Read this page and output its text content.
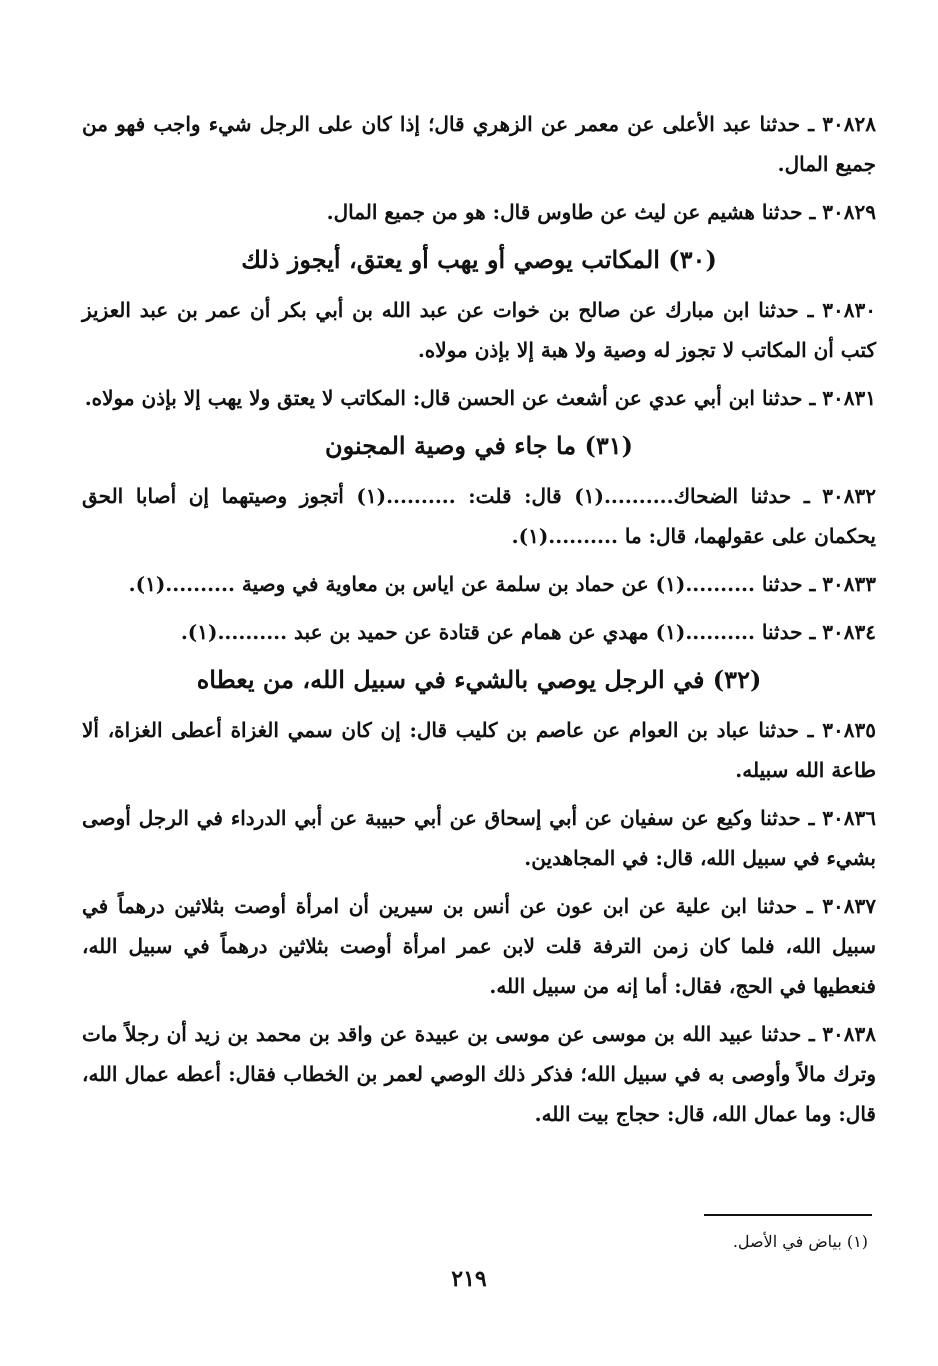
٣٠٨٢٨ ـ حدثنا عبد الأعلى عن معمر عن الزهري قال؛ إذا كان على الرجل شيء واجب فهو من جميع المال.
٣٠٨٢٩ ـ حدثنا هشيم عن ليث عن طاوس قال: هو من جميع المال.
(٣٠) المكاتب يوصي أو يهب أو يعتق، أيجوز ذلك
٣٠٨٣٠ ـ حدثنا ابن مبارك عن صالح بن خوات عن عبد الله بن أبي بكر أن عمر بن عبد العزيز كتب أن المكاتب لا تجوز له وصية ولا هبة إلا بإذن مولاه.
٣٠٨٣١ ـ حدثنا ابن أبي عدي عن أشعث عن الحسن قال: المكاتب لا يعتق ولا يهب إلا بإذن مولاه.
(٣١) ما جاء في وصية المجنون
٣٠٨٣٢ ـ حدثنا الضحاك..........(١) قال: قلت: ..........(١) أتجوز وصيتهما إن أصابا الحق يحكمان على عقولهما، قال: ما ..........(١).
٣٠٨٣٣ ـ حدثنا ..........(١) عن حماد بن سلمة عن اياس بن معاوية في وصية ..........(١).
٣٠٨٣٤ ـ حدثنا ..........(١) مهدي عن همام عن قتادة عن حميد بن عبد ..........(١).
(٣٢) في الرجل يوصي بالشيء في سبيل الله، من يعطاه
٣٠٨٣٥ ـ حدثنا عباد بن العوام عن عاصم بن كليب قال: إن كان سمي الغزاة أعطى الغزاة، ألا طاعة الله سبيله.
٣٠٨٣٦ ـ حدثنا وكيع عن سفيان عن أبي إسحاق عن أبي حبيبة عن أبي الدرداء في الرجل أوصى بشيء في سبيل الله، قال: في المجاهدين.
٣٠٨٣٧ ـ حدثنا ابن علية عن ابن عون عن أنس بن سيرين أن امرأة أوصت بثلاثين درهماً في سبيل الله، فلما كان زمن الترفة قلت لابن عمر امرأة أوصت بثلاثين درهماً في سبيل الله، فنعطيها في الحج، فقال: أما إنه من سبيل الله.
٣٠٨٣٨ ـ حدثنا عبيد الله بن موسى عن موسى بن عبيدة عن واقد بن محمد بن زيد أن رجلاً مات وترك مالاً وأوصى به في سبيل الله؛ فذكر ذلك الوصي لعمر بن الخطاب فقال: أعطه عمال الله، قال: وما عمال الله، قال: حجاج بيت الله.
(١) بياض في الأصل.
٢١٩
